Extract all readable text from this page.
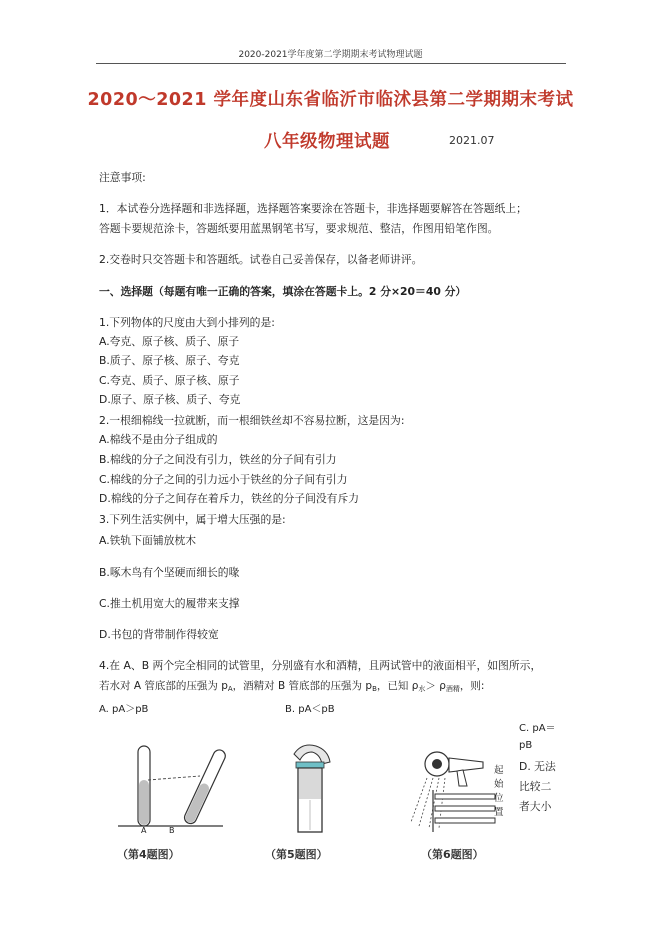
2020-2021学年度第二学期期末考试物理试题
2020～2021 学年度山东省临沂市临沭县第二学期期末考试
八年级物理试题	2021.07
注意事项:
1．本试卷分选择题和非选择题，选择题答案要涂在答题卡，非选择题要解答在答题纸上；
答题卡要规范涂卡，答题纸要用蓝黑钢笔书写，要求规范、整洁，作图用铅笔作图。
2.交卷时只交答题卡和答题纸。试卷自己妥善保存，以备老师讲评。
一、选择题（每题有唯一正确的答案，填涂在答题卡上。2 分×20＝40 分）
1.下列物体的尺度由大到小排列的是:
A.夸克、原子核、质子、原子
B.质子、原子核、原子、夸克
C.夸克、质子、原子核、原子
D.原子、原子核、质子、夸克
2.一根细棉线一拉就断，而一根细铁丝却不容易拉断，这是因为:
A.棉线不是由分子组成的
B.棉线的分子之间没有引力，铁丝的分子间有引力
C.棉线的分子之间的引力远小于铁丝的分子间有引力
D.棉线的分子之间存在着斥力，铁丝的分子间没有斥力
3.下列生活实例中，属于增大压强的是:
A.铁轨下面铺放枕木
B.啄木鸟有个坚硬而细长的喙
C.推土机用宽大的履带来支撑
D.书包的背带制作得较宽
4.在 A、B 两个完全相同的试管里，分别盛有水和酒精，且两试管中的液面相平，如图所示，
若水对 A 管底部的压强为 $p_A$，酒精对 B 管底部的压强为 $p_B$，已知 $\rho_水> \rho_{酒精}$，则:
A. pA＞pB	B. pA＜pB
C. pA＝
pB
D. 无法
比较二
者大小
A	B
起
始
位
置
（第4题图）	（第5题图）	（第6题图）
